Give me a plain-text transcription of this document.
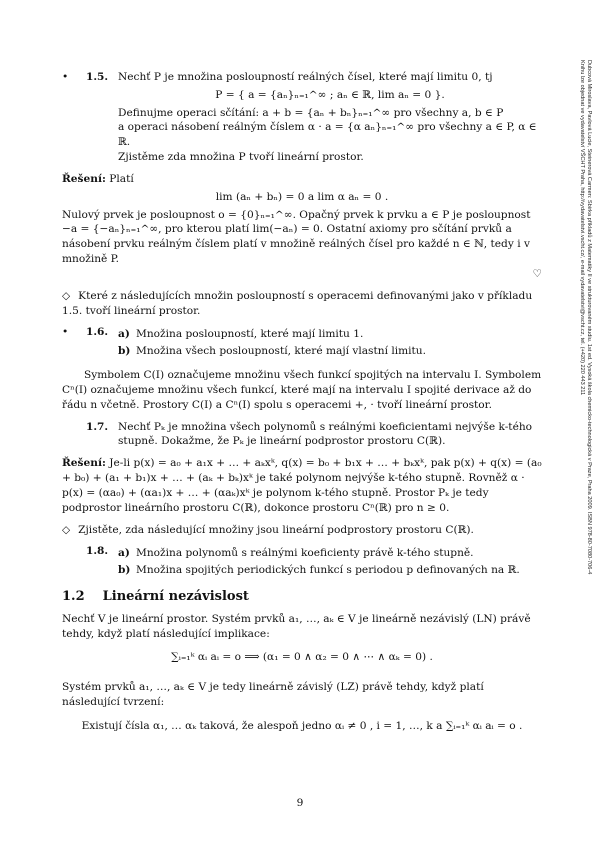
Dubcová Miroslava, Pavlová Lucie, Steinerová Carmen: Sbírka příkladů z Matematiky II ve strukturovaném studiu. 1st ed. Vysoká škola chemicko-technologická v Praze, Praha 2009. ISBN 978-80-7080-706-4
Knihu lze objednat ve vydavatelství VŠCHT Praha, http://vydavatelstvi.vscht.cz/, e-mail vydavatelstvi@vscht.cz, tel. (+420) 220 443 211
•	1.5. Nechť P je množina posloupností reálných čísel, které mají limitu 0, tj

P = { a = {aₙ}ₙ₌₁^∞ ; aₙ ∈ ℝ, lim aₙ = 0 }.

Definujme operaci sčítání: a + b = {aₙ + bₙ}ₙ₌₁^∞ pro všechny a, b ∈ P

a operaci násobení reálným číslem α · a = {α aₙ}ₙ₌₁^∞ pro všechny a ∈ P, α ∈ ℝ.

Zjistěme zda množina P tvoří lineární prostor.

Řešení: Platí

lim (aₙ + bₙ) = 0 a lim α aₙ = 0 .

Nulový prvek je posloupnost o = {0}ₙ₌₁^∞. Opačný prvek k prvku a ∈ P je posloupnost −a = {−aₙ}ₙ₌₁^∞, pro kterou platí lim(−aₙ) = 0. Ostatní axiomy pro sčítání prvků a násobení prvku reálným číslem platí v množině reálných čísel pro každé n ∈ ℕ, tedy i v množině P.

♡

◇ Které z následujících množin posloupností s operacemi definovanými jako v příkladu 1.5. tvoří lineární prostor.

•	1.6. a) Množina posloupností, které mají limitu 1.
b) Množina všech posloupností, které mají vlastní limitu.

Symbolem C(I) označujeme množinu všech funkcí spojitých na intervalu I. Symbolem Cⁿ(I) označujeme množinu všech funkcí, které mají na intervalu I spojité derivace až do řádu n včetně. Prostory C(I) a Cⁿ(I) spolu s operacemi +, · tvoří lineární prostor.

1.7. Nechť Pₖ je množina všech polynomů s reálnými koeficientami nejvýše k-tého stupně. Dokažme, že Pₖ je lineární podprostor prostoru C(ℝ).

Řešení: Je-li p(x) = a₀ + a₁x + … + aₖxᵏ, q(x) = b₀ + b₁x + … + bₖxᵏ, pak p(x) + q(x) = (a₀ + b₀) + (a₁ + b₁)x + … + (aₖ + bₖ)xᵏ je také polynom nejvýše k-tého stupně. Rovněž α · p(x) = (αa₀) + (αa₁)x + … + (αaₖ)xᵏ je polynom k-tého stupně. Prostor Pₖ je tedy podprostor lineárního prostoru C(ℝ), dokonce prostoru Cⁿ(ℝ) pro n ≥ 0.

◇ Zjistěte, zda následující množiny jsou lineární podprostory prostoru C(ℝ).

1.8. a) Množina polynomů s reálnými koeficienty právě k-tého stupně.
b) Množina spojitých periodických funkcí s periodou p definovaných na ℝ.
1.2 Lineární nezávislost

Nechť V je lineární prostor. Systém prvků a₁, …, aₖ ∈ V je lineárně nezávislý (LN) právě tehdy, když platí následující implikace:

∑ᵢ₌₁ᵏ αᵢ aᵢ = o ⟹ (α₁ = 0 ∧ α₂ = 0 ∧ ⋯ ∧ αₖ = 0) .

Systém prvků a₁, …, aₖ ∈ V je tedy lineárně závislý (LZ) právě tehdy, když platí následující tvrzení:

Existují čísla α₁, … αₖ taková, že alespoň jedno αᵢ ≠ 0 , i = 1, …, k a ∑ᵢ₌₁ᵏ αᵢ aᵢ = o .

9
